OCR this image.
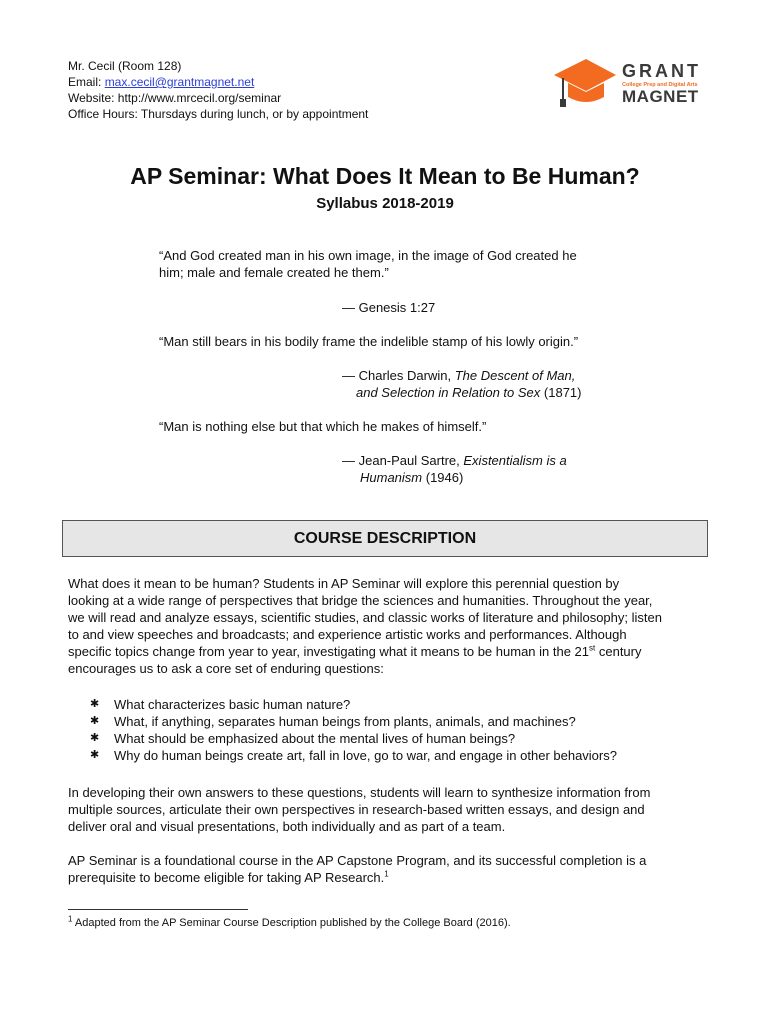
Mr. Cecil (Room 128)
Email: max.cecil@grantmagnet.net
Website: http://www.mrcecil.org/seminar
Office Hours: Thursdays during lunch, or by appointment
GRANT
College Prep and Digital Arts
MAGNET
AP Seminar: What Does It Mean to Be Human?
Syllabus 2018-2019
“And God created man in his own image, in the image of God created he
him; male and female created he them.”
— Genesis 1:27
“Man still bears in his bodily frame the indelible stamp of his lowly origin.”
— Charles Darwin, The Descent of Man,
and Selection in Relation to Sex (1871)
“Man is nothing else but that which he makes of himself.”
— Jean-Paul Sartre, Existentialism is a
Humanism (1946)
COURSE DESCRIPTION
What does it mean to be human? Students in AP Seminar will explore this perennial question by
looking at a wide range of perspectives that bridge the sciences and humanities. Throughout the year,
we will read and analyze essays, scientific studies, and classic works of literature and philosophy; listen
to and view speeches and broadcasts; and experience artistic works and performances. Although
specific topics change from year to year, investigating what it means to be human in the 21st century
encourages us to ask a core set of enduring questions:
✱	What characterizes basic human nature?
✱	What, if anything, separates human beings from plants, animals, and machines?
✱	What should be emphasized about the mental lives of human beings?
✱	Why do human beings create art, fall in love, go to war, and engage in other behaviors?
In developing their own answers to these questions, students will learn to synthesize information from
multiple sources, articulate their own perspectives in research-based written essays, and design and
deliver oral and visual presentations, both individually and as part of a team.
AP Seminar is a foundational course in the AP Capstone Program, and its successful completion is a
prerequisite to become eligible for taking AP Research.$^1$
$^1$ Adapted from the AP Seminar Course Description published by the College Board (2016).
